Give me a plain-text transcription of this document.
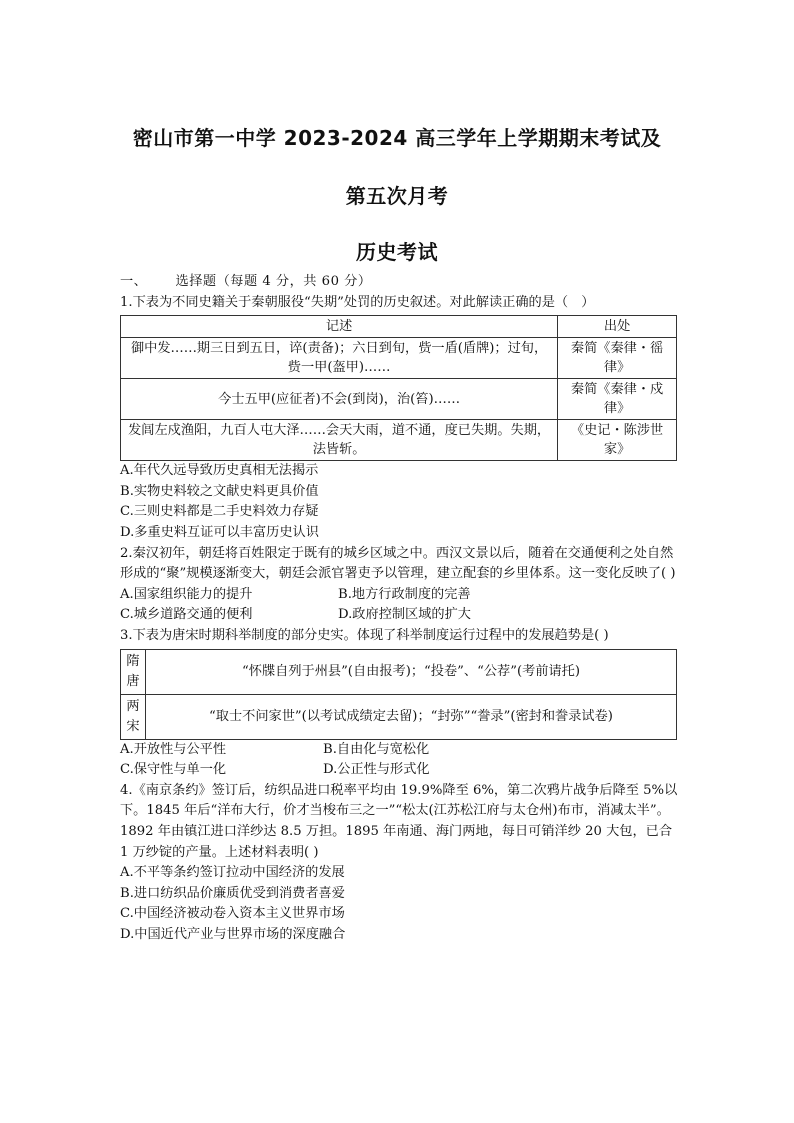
密山市第一中学 2023-2024 高三学年上学期期末考试及
第五次月考
历史考试
一、 选择题（每题 4 分，共 60 分）
1.下表为不同史籍关于秦朝服役“失期”处罚的历史叙述。对此解读正确的是（　）
记述	出处
御中发……期三日到五日，谇(责备)；六日到旬，赀一盾(盾牌)；过旬，赀一甲(盔甲)……	秦简《秦律・徭律》
今士五甲(应征者)不会(到岗)，治(笞)……	秦简《秦律・戍律》
发闾左戍渔阳，九百人屯大泽……会天大雨，道不通，度已失期。失期，法皆斩。	《史记・陈涉世家》
A.年代久远导致历史真相无法揭示
B.实物史料较之文献史料更具价值
C.三则史料都是二手史料效力存疑
D.多重史料互证可以丰富历史认识
2.秦汉初年，朝廷将百姓限定于既有的城乡区域之中。西汉文景以后，随着在交通便利之处自然形成的“聚”规模逐渐变大，朝廷会派官署吏予以管理，建立配套的乡里体系。这一变化反映了( )
A.国家组织能力的提升	B.地方行政制度的完善
C.城乡道路交通的便利	D.政府控制区域的扩大
3.下表为唐宋时期科举制度的部分史实。体现了科举制度运行过程中的发展趋势是( )
隋唐	“怀牒自列于州县”(自由报考)；“投卷”、“公荐”(考前请托)
两宋	“取士不问家世”(以考试成绩定去留)；“封弥”“誊录”(密封和誊录试卷)
A.开放性与公平性	B.自由化与宽松化
C.保守性与单一化	D.公正性与形式化
4.《南京条约》签订后，纺织品进口税率平均由 19.9%降至 6%，第二次鸦片战争后降至 5%以下。1845 年后“洋布大行，价才当梭布三之一”“松太(江苏松江府与太仓州)布市，消减太半”。1892 年由镇江进口洋纱达 8.5 万担。1895 年南通、海门两地，每日可销洋纱 20 大包，已合 1 万纱锭的产量。上述材料表明( )
A.不平等条约签订拉动中国经济的发展
B.进口纺织品价廉质优受到消费者喜爱
C.中国经济被动卷入资本主义世界市场
D.中国近代产业与世界市场的深度融合
